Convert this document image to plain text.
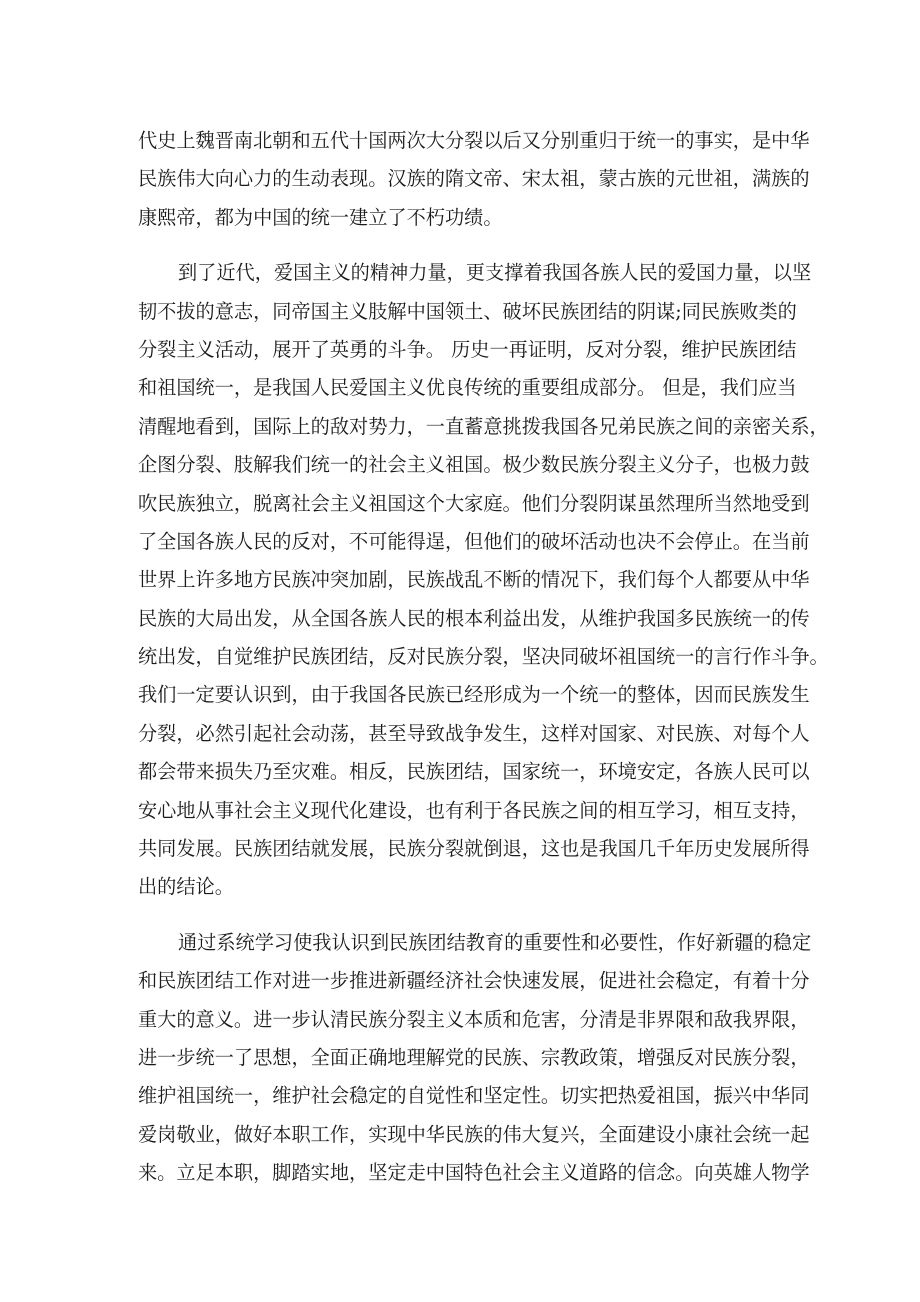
代史上魏晋南北朝和五代十国两次大分裂以后又分别重归于统一的事实，是中华
民族伟大向心力的生动表现。汉族的隋文帝、宋太祖，蒙古族的元世祖，满族的
康熙帝，都为中国的统一建立了不朽功绩。

到了近代，爱国主义的精神力量，更支撑着我国各族人民的爱国力量，以坚
韧不拔的意志，同帝国主义肢解中国领土、破坏民族团结的阴谋;同民族败类的
分裂主义活动，展开了英勇的斗争。 历史一再证明，反对分裂，维护民族团结
和祖国统一，是我国人民爱国主义优良传统的重要组成部分。 但是，我们应当
清醒地看到，国际上的敌对势力，一直蓄意挑拨我国各兄弟民族之间的亲密关系，
企图分裂、肢解我们统一的社会主义祖国。极少数民族分裂主义分子，也极力鼓
吹民族独立，脱离社会主义祖国这个大家庭。他们分裂阴谋虽然理所当然地受到
了全国各族人民的反对，不可能得逞，但他们的破坏活动也决不会停止。在当前
世界上许多地方民族冲突加剧，民族战乱不断的情况下，我们每个人都要从中华
民族的大局出发，从全国各族人民的根本利益出发，从维护我国多民族统一的传
统出发，自觉维护民族团结，反对民族分裂，坚决同破坏祖国统一的言行作斗争。
我们一定要认识到，由于我国各民族已经形成为一个统一的整体，因而民族发生
分裂，必然引起社会动荡，甚至导致战争发生，这样对国家、对民族、对每个人
都会带来损失乃至灾难。相反，民族团结，国家统一，环境安定，各族人民可以
安心地从事社会主义现代化建设，也有利于各民族之间的相互学习，相互支持，
共同发展。民族团结就发展，民族分裂就倒退，这也是我国几千年历史发展所得
出的结论。

通过系统学习使我认识到民族团结教育的重要性和必要性，作好新疆的稳定
和民族团结工作对进一步推进新疆经济社会快速发展，促进社会稳定，有着十分
重大的意义。进一步认清民族分裂主义本质和危害，分清是非界限和敌我界限，
进一步统一了思想，全面正确地理解党的民族、宗教政策，增强反对民族分裂，
维护祖国统一，维护社会稳定的自觉性和坚定性。切实把热爱祖国，振兴中华同
爱岗敬业，做好本职工作，实现中华民族的伟大复兴，全面建设小康社会统一起
来。立足本职，脚踏实地，坚定走中国特色社会主义道路的信念。向英雄人物学
